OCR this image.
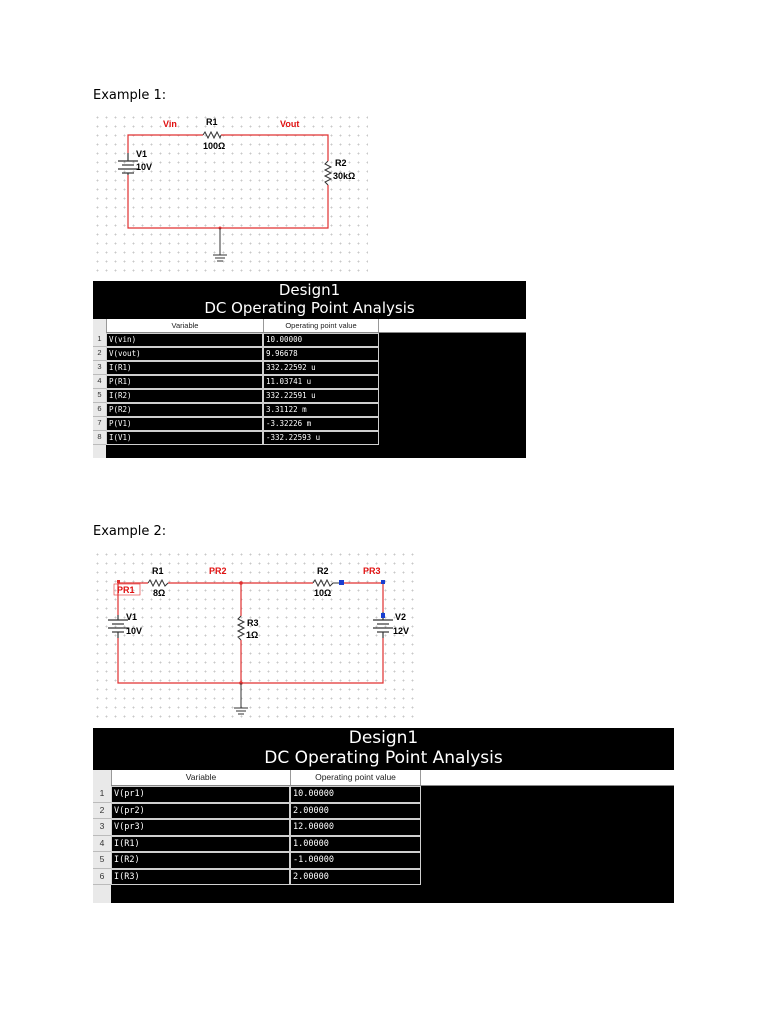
Example 1:
Vin	Vout
R1
100Ω
R2
30kΩ
V1
10V
Design1
DC Operating Point Analysis
Variable	Operating point value
1 V(vin)	10.00000
2 V(vout)	9.96678
3 I(R1)	332.22592 u
4 P(R1)	11.03741 u
5 I(R2)	332.22591 u
6 P(R2)	3.31122 m
7 P(V1)	-3.32226 m
8 I(V1)	-332.22593 u
Example 2:
PR1
PR2	PR3
R1
8Ω
R2
10Ω
R3
1Ω
V1
10V
V2
12V
Design1
DC Operating Point Analysis
Variable	Operating point value
1	V(pr1)	10.00000
2	V(pr2)	2.00000
3	V(pr3)	12.00000
4	I(R1)	1.00000
5	I(R2)	-1.00000
6	I(R3)	2.00000
